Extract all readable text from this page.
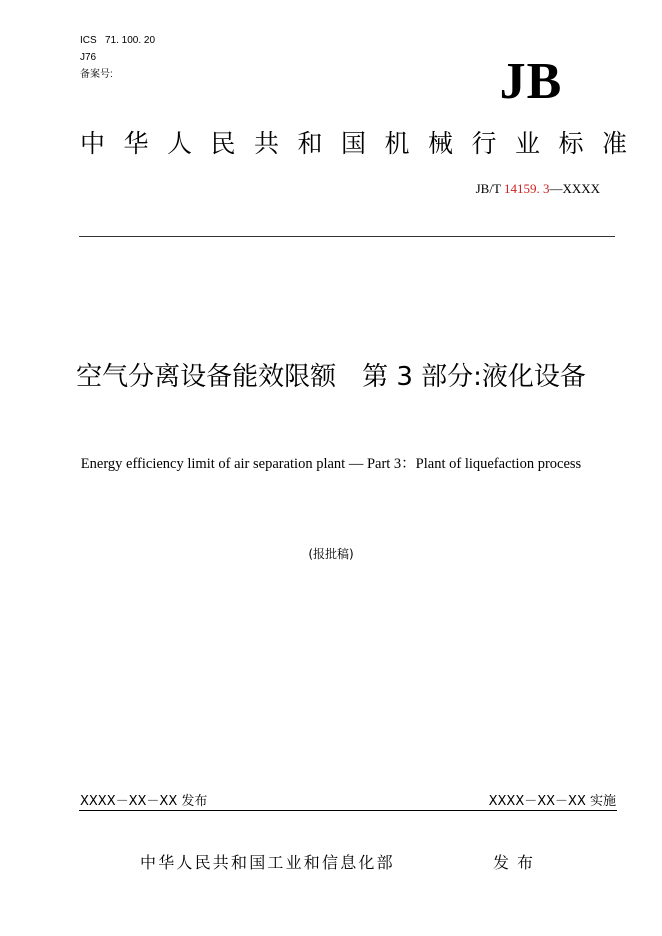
ICS   71. 100. 20
J76
备案号:	JB
中华人民共和国机械行业标准
JB/T 14159. 3—XXXX
空气分离设备能效限额　第 3 部分:液化设备
Energy efficiency limit of air separation plant — Part 3：Plant of liquefaction process
(报批稿)
XXXX－XX－XX 发布	XXXX－XX－XX 实施
中华人民共和国工业和信息化部	发布
